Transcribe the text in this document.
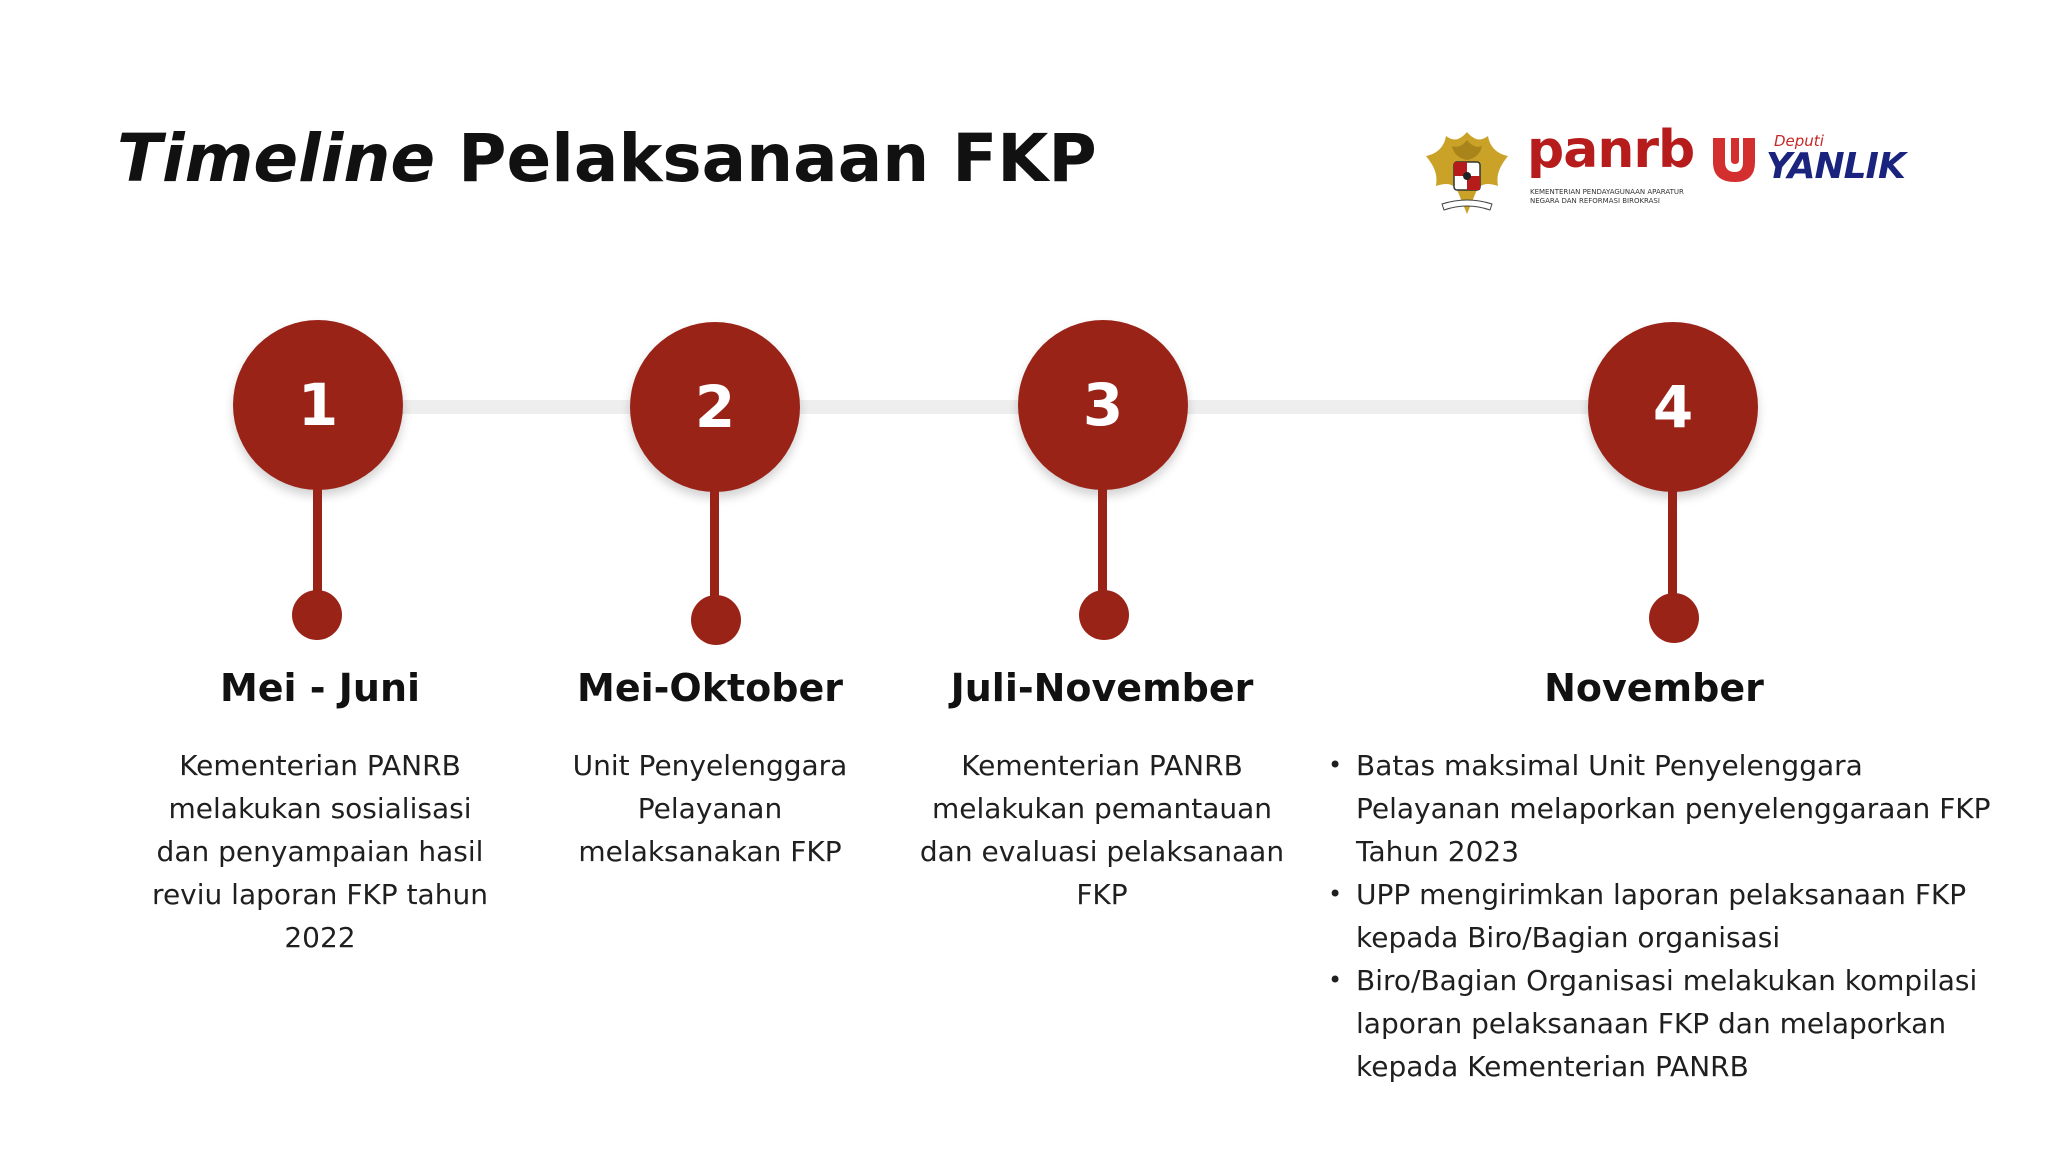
Timeline Pelaksanaan FKP	panrb
KEMENTERIAN PENDAYAGUNAAN APARATUR NEGARA DAN REFORMASI BIROKRASI
Deputi
YANLIK
1
Mei - Juni
Kementerian PANRB melakukan sosialisasi dan penyampaian hasil reviu laporan FKP tahun 2022
2
Mei-Oktober
Unit Penyelenggara Pelayanan melaksanakan FKP
3
Juli-November
Kementerian PANRB melakukan pemantauan dan evaluasi pelaksanaan FKP
4
November
• Batas maksimal Unit Penyelenggara Pelayanan melaporkan penyelenggaraan FKP Tahun 2023
• UPP mengirimkan laporan pelaksanaan FKP kepada Biro/Bagian organisasi
• Biro/Bagian Organisasi melakukan kompilasi laporan pelaksanaan FKP dan melaporkan kepada Kementerian PANRB
